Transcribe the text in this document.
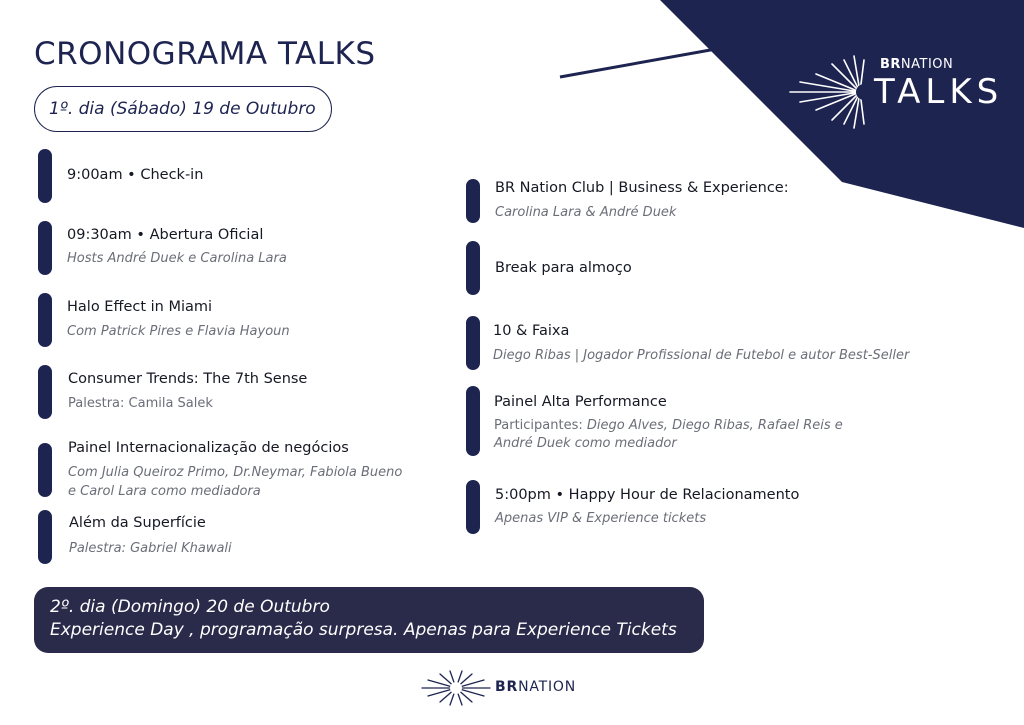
CRONOGRAMA TALKS
1º. dia (Sábado) 19 de Outubro
BRNATION
TALKS
9:00am • Check-in
09:30am • Abertura Oficial
Hosts André Duek e Carolina Lara
Halo Effect in Miami
Com Patrick Pires e Flavia Hayoun
Consumer Trends: The 7th Sense
Palestra: Camila Salek
Painel Internacionalização de negócios
Com Julia Queiroz Primo, Dr.Neymar, Fabiola Bueno
e Carol Lara como mediadora
Além da Superfície
Palestra: Gabriel Khawali
BR Nation Club | Business & Experience:
Carolina Lara & André Duek
Break para almoço
10 & Faixa
Diego Ribas | Jogador Profissional de Futebol e autor Best-Seller
Painel Alta Performance
Participantes: Diego Alves, Diego Ribas, Rafael Reis e
André Duek como mediador
5:00pm • Happy Hour de Relacionamento
Apenas VIP & Experience tickets
2º. dia (Domingo) 20 de Outubro
Experience Day , programação surpresa. Apenas para Experience Tickets
BRNATION
